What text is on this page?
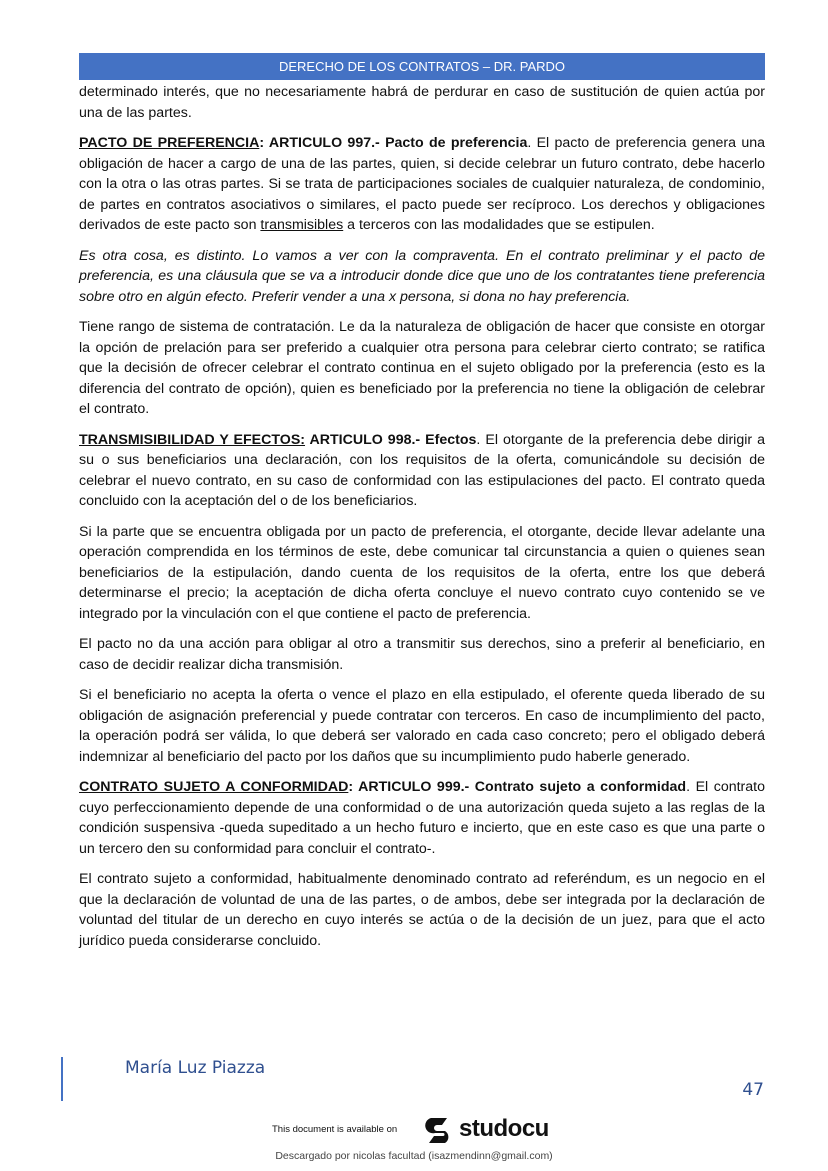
DERECHO DE LOS CONTRATOS – DR. PARDO

determinado interés, que no necesariamente habrá de perdurar en caso de sustitución de quien actúa por una de las partes.

PACTO DE PREFERENCIA: ARTICULO 997.- Pacto de preferencia. El pacto de preferencia genera una obligación de hacer a cargo de una de las partes, quien, si decide celebrar un futuro contrato, debe hacerlo con la otra o las otras partes. Si se trata de participaciones sociales de cualquier naturaleza, de condominio, de partes en contratos asociativos o similares, el pacto puede ser recíproco. Los derechos y obligaciones derivados de este pacto son transmisibles a terceros con las modalidades que se estipulen.

Es otra cosa, es distinto. Lo vamos a ver con la compraventa. En el contrato preliminar y el pacto de preferencia, es una cláusula que se va a introducir donde dice que uno de los contratantes tiene preferencia sobre otro en algún efecto. Preferir vender a una x persona, si dona no hay preferencia.

Tiene rango de sistema de contratación. Le da la naturaleza de obligación de hacer que consiste en otorgar la opción de prelación para ser preferido a cualquier otra persona para celebrar cierto contrato; se ratifica que la decisión de ofrecer celebrar el contrato continua en el sujeto obligado por la preferencia (esto es la diferencia del contrato de opción), quien es beneficiado por la preferencia no tiene la obligación de celebrar el contrato.

TRANSMISIBILIDAD Y EFECTOS: ARTICULO 998.- Efectos. El otorgante de la preferencia debe dirigir a su o sus beneficiarios una declaración, con los requisitos de la oferta, comunicándole su decisión de celebrar el nuevo contrato, en su caso de conformidad con las estipulaciones del pacto. El contrato queda concluido con la aceptación del o de los beneficiarios.

Si la parte que se encuentra obligada por un pacto de preferencia, el otorgante, decide llevar adelante una operación comprendida en los términos de este, debe comunicar tal circunstancia a quien o quienes sean beneficiarios de la estipulación, dando cuenta de los requisitos de la oferta, entre los que deberá determinarse el precio; la aceptación de dicha oferta concluye el nuevo contrato cuyo contenido se ve integrado por la vinculación con el que contiene el pacto de preferencia.

El pacto no da una acción para obligar al otro a transmitir sus derechos, sino a preferir al beneficiario, en caso de decidir realizar dicha transmisión.

Si el beneficiario no acepta la oferta o vence el plazo en ella estipulado, el oferente queda liberado de su obligación de asignación preferencial y puede contratar con terceros. En caso de incumplimiento del pacto, la operación podrá ser válida, lo que deberá ser valorado en cada caso concreto; pero el obligado deberá indemnizar al beneficiario del pacto por los daños que su incumplimiento pudo haberle generado.

CONTRATO SUJETO A CONFORMIDAD: ARTICULO 999.- Contrato sujeto a conformidad. El contrato cuyo perfeccionamiento depende de una conformidad o de una autorización queda sujeto a las reglas de la condición suspensiva -queda supeditado a un hecho futuro e incierto, que en este caso es que una parte o un tercero den su conformidad para concluir el contrato-.

El contrato sujeto a conformidad, habitualmente denominado contrato ad referéndum, es un negocio en el que la declaración de voluntad de una de las partes, o de ambos, debe ser integrada por la declaración de voluntad del titular de un derecho en cuyo interés se actúa o de la decisión de un juez, para que el acto jurídico pueda considerarse concluido.

María Luz Piazza
47
This document is available on	studocu
Descargado por nicolas facultad (isazmendinn@gmail.com)
